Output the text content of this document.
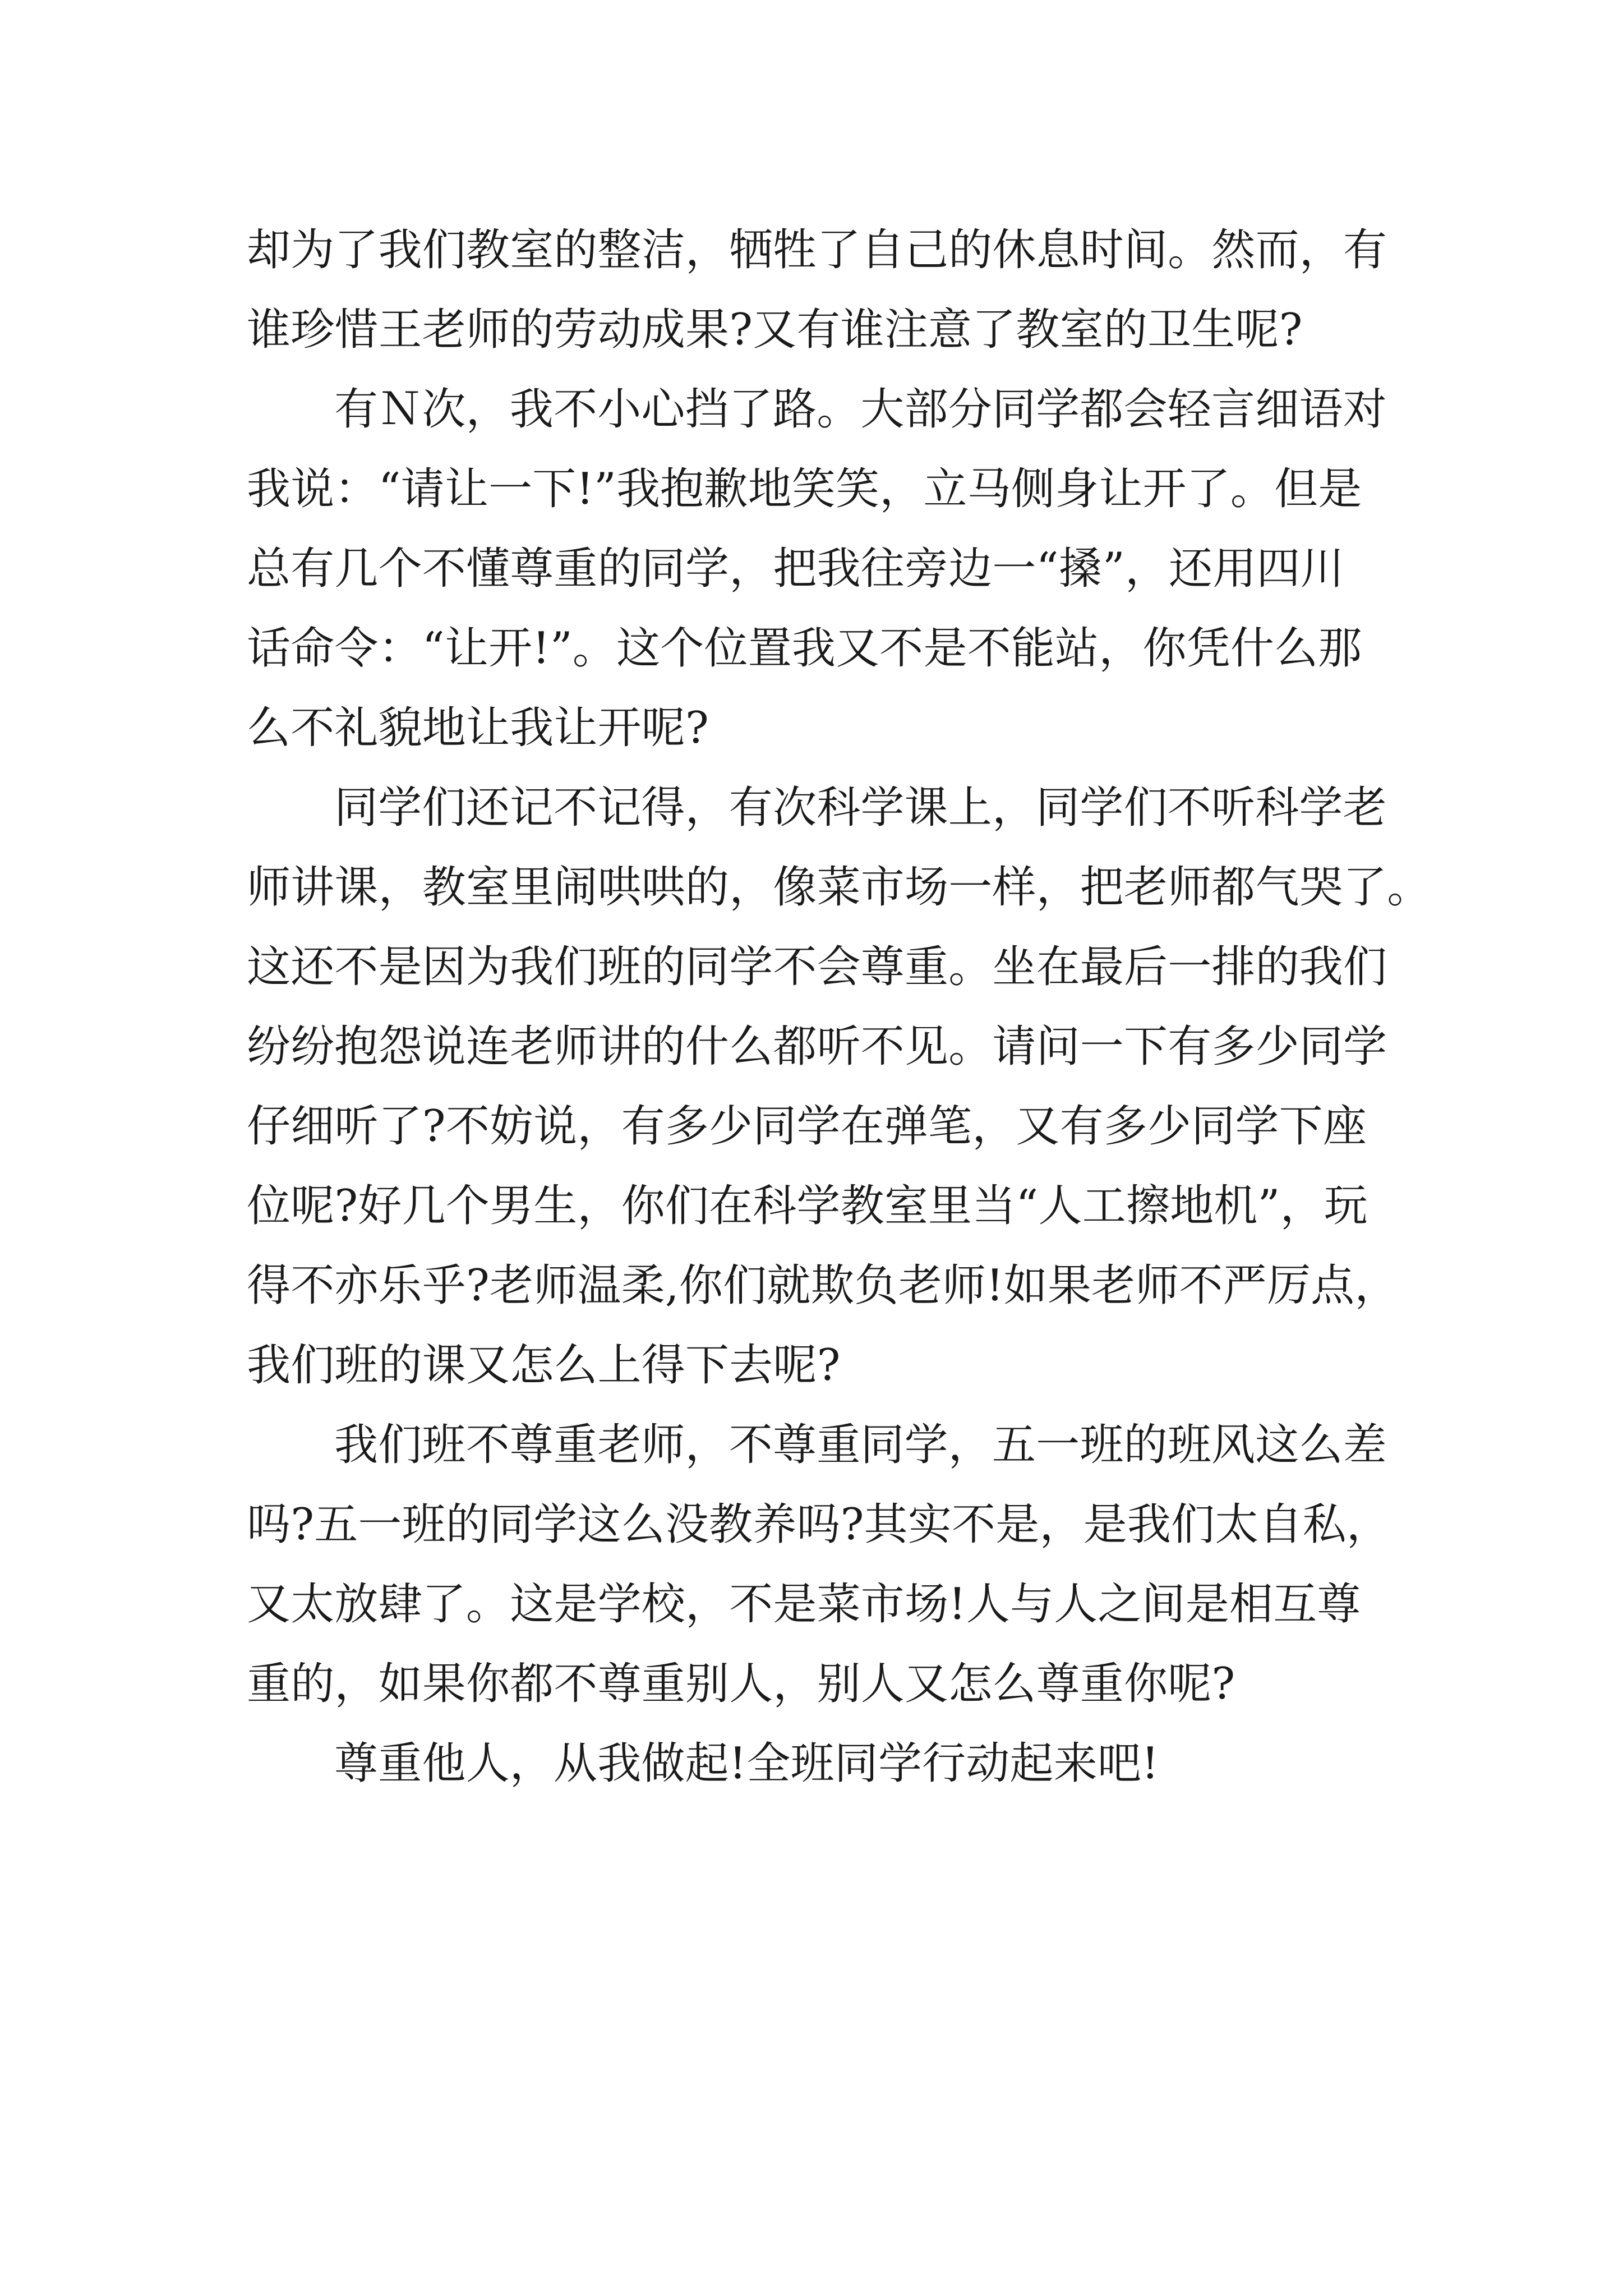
却为了我们教室的整洁，牺牲了自己的休息时间。然而，有
谁珍惜王老师的劳动成果?又有谁注意了教室的卫生呢?
有Ｎ次，我不小心挡了路。大部分同学都会轻言细语对
我说：“请让一下!”我抱歉地笑笑，立马侧身让开了。但是
总有几个不懂尊重的同学，把我往旁边一“搡”，还用四川
话命令：“让开!”。这个位置我又不是不能站，你凭什么那
么不礼貌地让我让开呢?
同学们还记不记得，有次科学课上，同学们不听科学老
师讲课，教室里闹哄哄的，像菜市场一样，把老师都气哭了。
这还不是因为我们班的同学不会尊重。坐在最后一排的我们
纷纷抱怨说连老师讲的什么都听不见。请问一下有多少同学
仔细听了?不妨说，有多少同学在弹笔，又有多少同学下座
位呢?好几个男生，你们在科学教室里当“人工擦地机”，玩
得不亦乐乎?老师温柔,你们就欺负老师!如果老师不严厉点，
我们班的课又怎么上得下去呢?
我们班不尊重老师，不尊重同学，五一班的班风这么差
吗?五一班的同学这么没教养吗?其实不是，是我们太自私，
又太放肆了。这是学校，不是菜市场!人与人之间是相互尊
重的，如果你都不尊重别人，别人又怎么尊重你呢?
尊重他人，从我做起!全班同学行动起来吧!
